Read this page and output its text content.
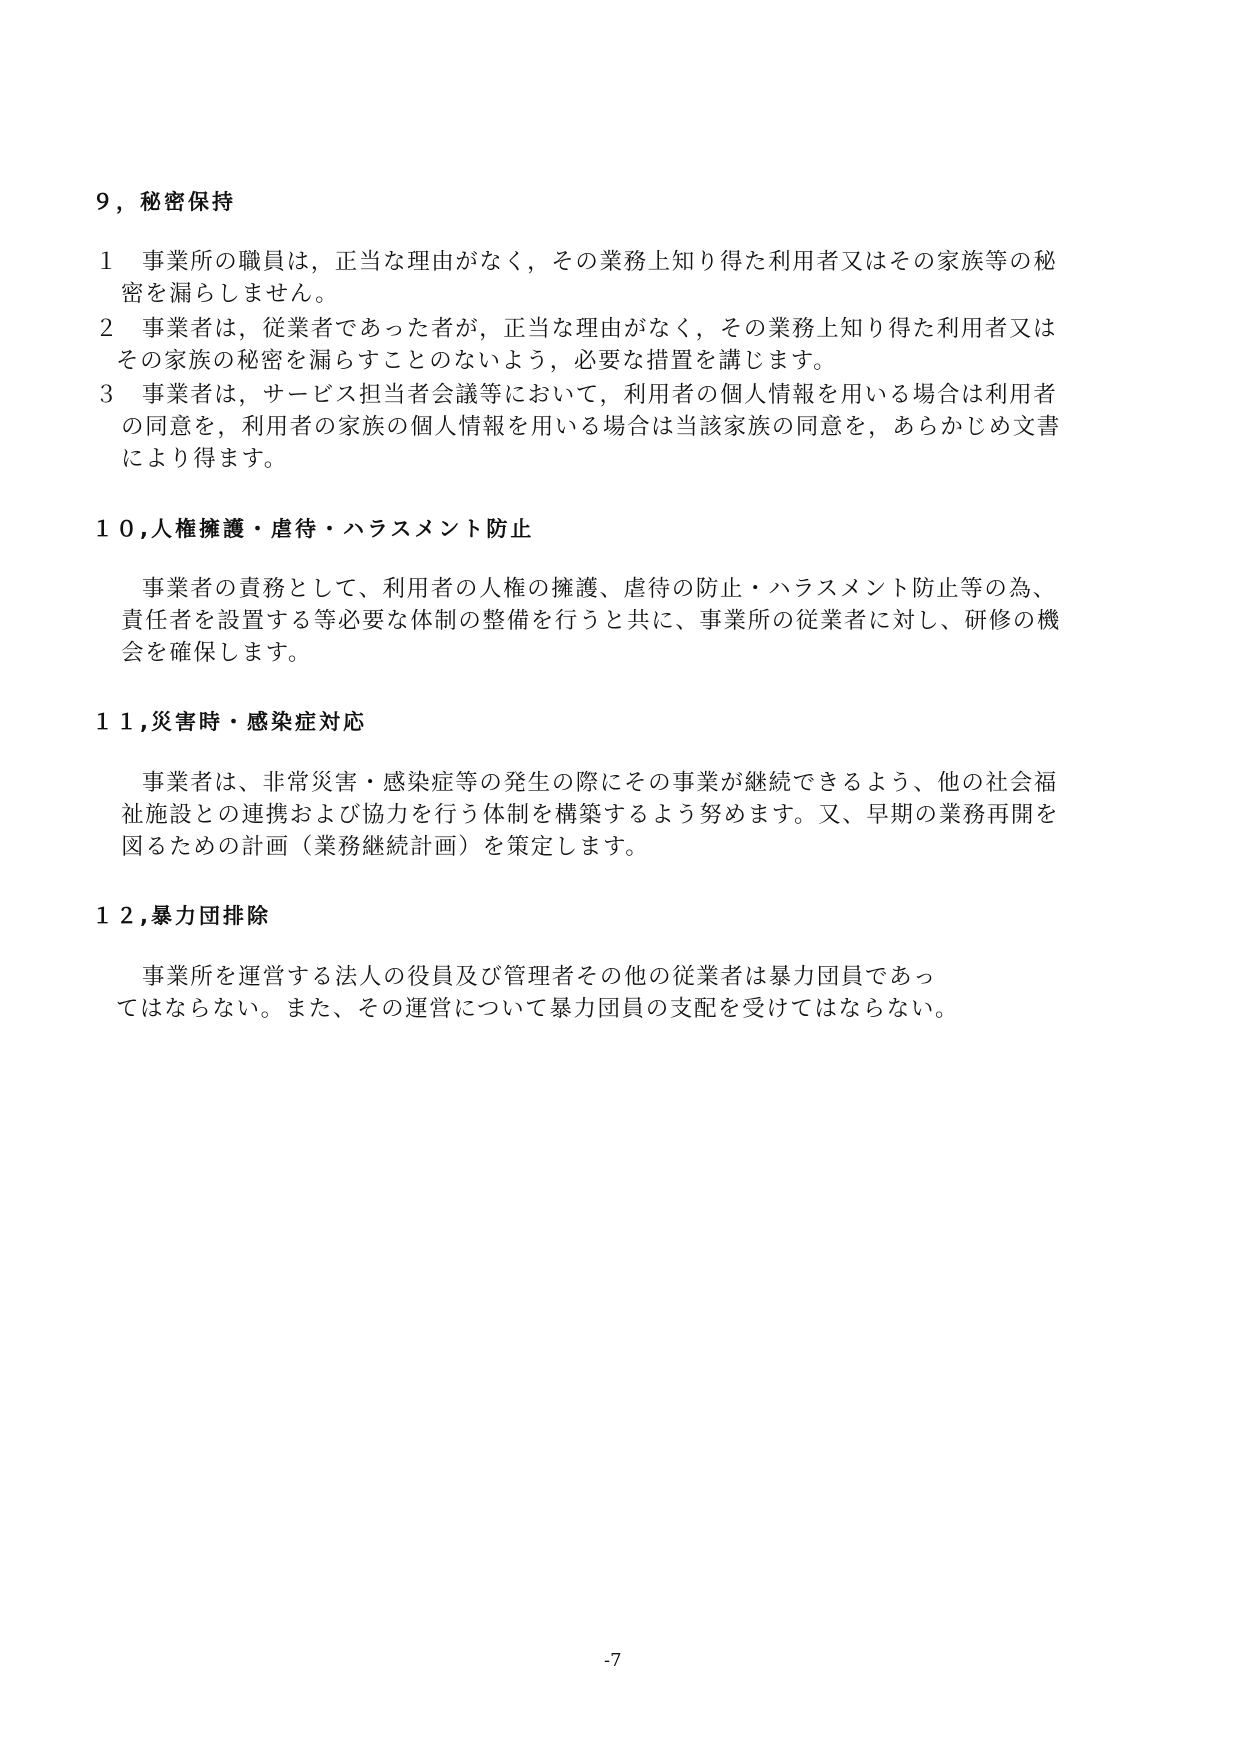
９，秘密保持
１ 事業所の職員は，正当な理由がなく，その業務上知り得た利用者又はその家族等の秘
密を漏らしません。
２ 事業者は，従業者であった者が，正当な理由がなく，その業務上知り得た利用者又は
その家族の秘密を漏らすことのないよう，必要な措置を講じます。
３ 事業者は，サービス担当者会議等において，利用者の個人情報を用いる場合は利用者
の同意を，利用者の家族の個人情報を用いる場合は当該家族の同意を，あらかじめ文書
により得ます。
１０,人権擁護・虐待・ハラスメント防止
事業者の責務として、利用者の人権の擁護、虐待の防止・ハラスメント防止等の為、
責任者を設置する等必要な体制の整備を行うと共に、事業所の従業者に対し、研修の機
会を確保します。
１１,災害時・感染症対応
事業者は、非常災害・感染症等の発生の際にその事業が継続できるよう、他の社会福
祉施設との連携および協力を行う体制を構築するよう努めます。又、早期の業務再開を
図るための計画（業務継続計画）を策定します。
１２,暴力団排除
事業所を運営する法人の役員及び管理者その他の従業者は暴力団員であっ
てはならない。また、その運営について暴力団員の支配を受けてはならない。
-7
